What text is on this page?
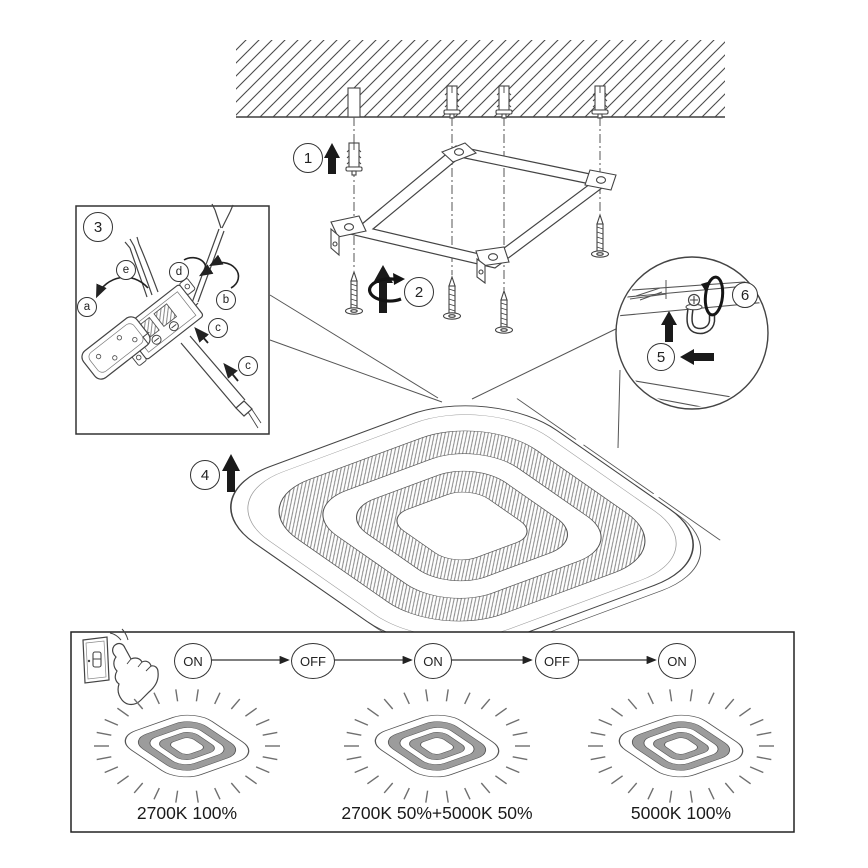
1
2
3
4
5
6
a
b
c
c
d
e
ON	OFF	ON	OFF	ON
2700K 100%	2700K 50%+5000K 50%	5000K 100%
